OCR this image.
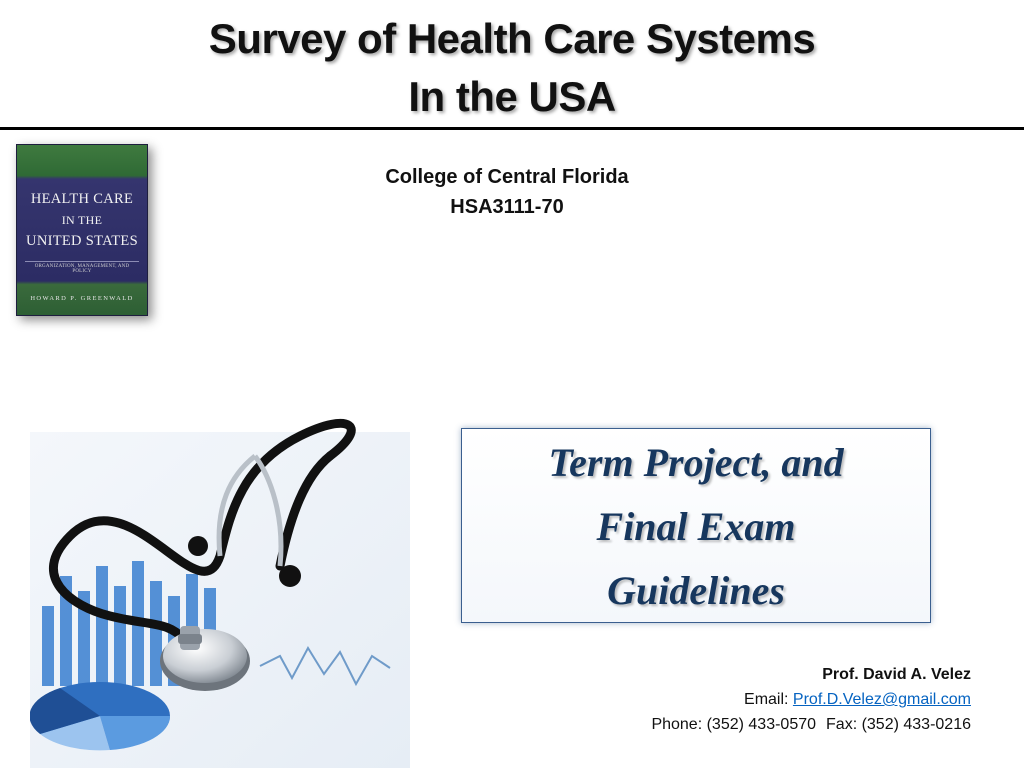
Survey of Health Care Systems
In the USA
HEALTH CARE
IN THE
UNITED STATES
ORGANIZATION, MANAGEMENT, AND POLICY
HOWARD P. GREENWALD
College of Central Florida
HSA3111-70
Term Project, and
Final Exam
Guidelines
Prof. David A. Velez
Email: Prof.D.Velez@gmail.com
Phone: (352) 433-0570 Fax: (352) 433-0216
